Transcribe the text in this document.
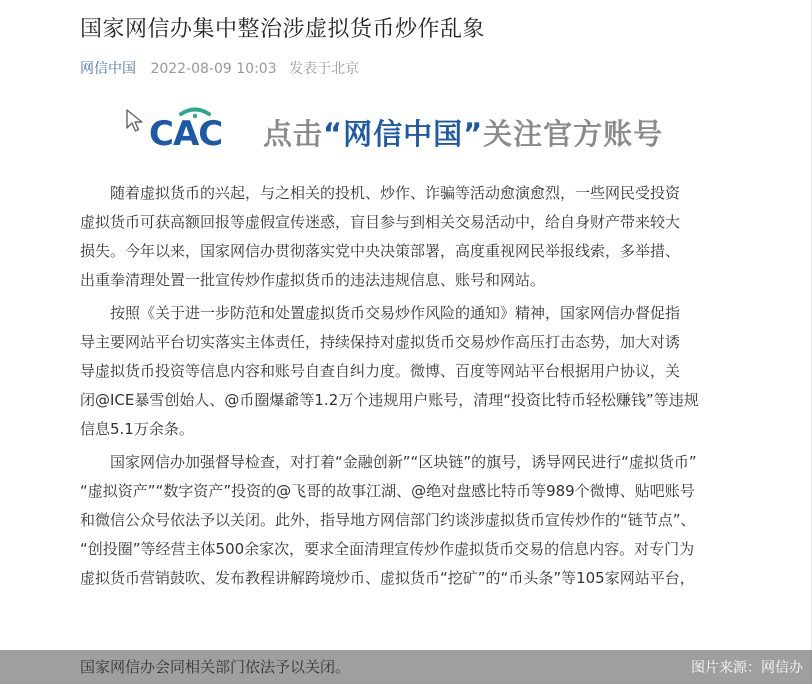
国家网信办集中整治涉虚拟货币炒作乱象
网信中国 2022-08-09 10:03 发表于北京
CAC 点击“网信中国”关注官方账号

随着虚拟货币的兴起，与之相关的投机、炒作、诈骗等活动愈演愈烈，一些网民受投资
虚拟货币可获高额回报等虚假宣传迷惑，盲目参与到相关交易活动中，给自身财产带来较大
损失。今年以来，国家网信办贯彻落实党中央决策部署，高度重视网民举报线索，多举措、
出重拳清理处置一批宣传炒作虚拟货币的违法违规信息、账号和网站。

按照《关于进一步防范和处置虚拟货币交易炒作风险的通知》精神，国家网信办督促指
导主要网站平台切实落实主体责任，持续保持对虚拟货币交易炒作高压打击态势，加大对诱
导虚拟货币投资等信息内容和账号自查自纠力度。微博、百度等网站平台根据用户协议，关
闭@ICE暴雪创始人、@币圈爆爺等1.2万个违规用户账号，清理“投资比特币轻松赚钱”等违规
信息5.1万余条。

国家网信办加强督导检查，对打着“金融创新”“区块链”的旗号，诱导网民进行“虚拟货币”
“虚拟资产”“数字资产”投资的@飞哥的故事江湖、@绝对盘感比特币等989个微博、贴吧账号
和微信公众号依法予以关闭。此外，指导地方网信部门约谈涉虚拟货币宣传炒作的“链节点”、
“创投圈”等经营主体500余家次，要求全面清理宣传炒作虚拟货币交易的信息内容。对专门为
虚拟货币营销鼓吹、发布教程讲解跨境炒币、虚拟货币“挖矿”的“币头条”等105家网站平台，

国家网信办会同相关部门依法予以关闭。	图片来源：网信办
